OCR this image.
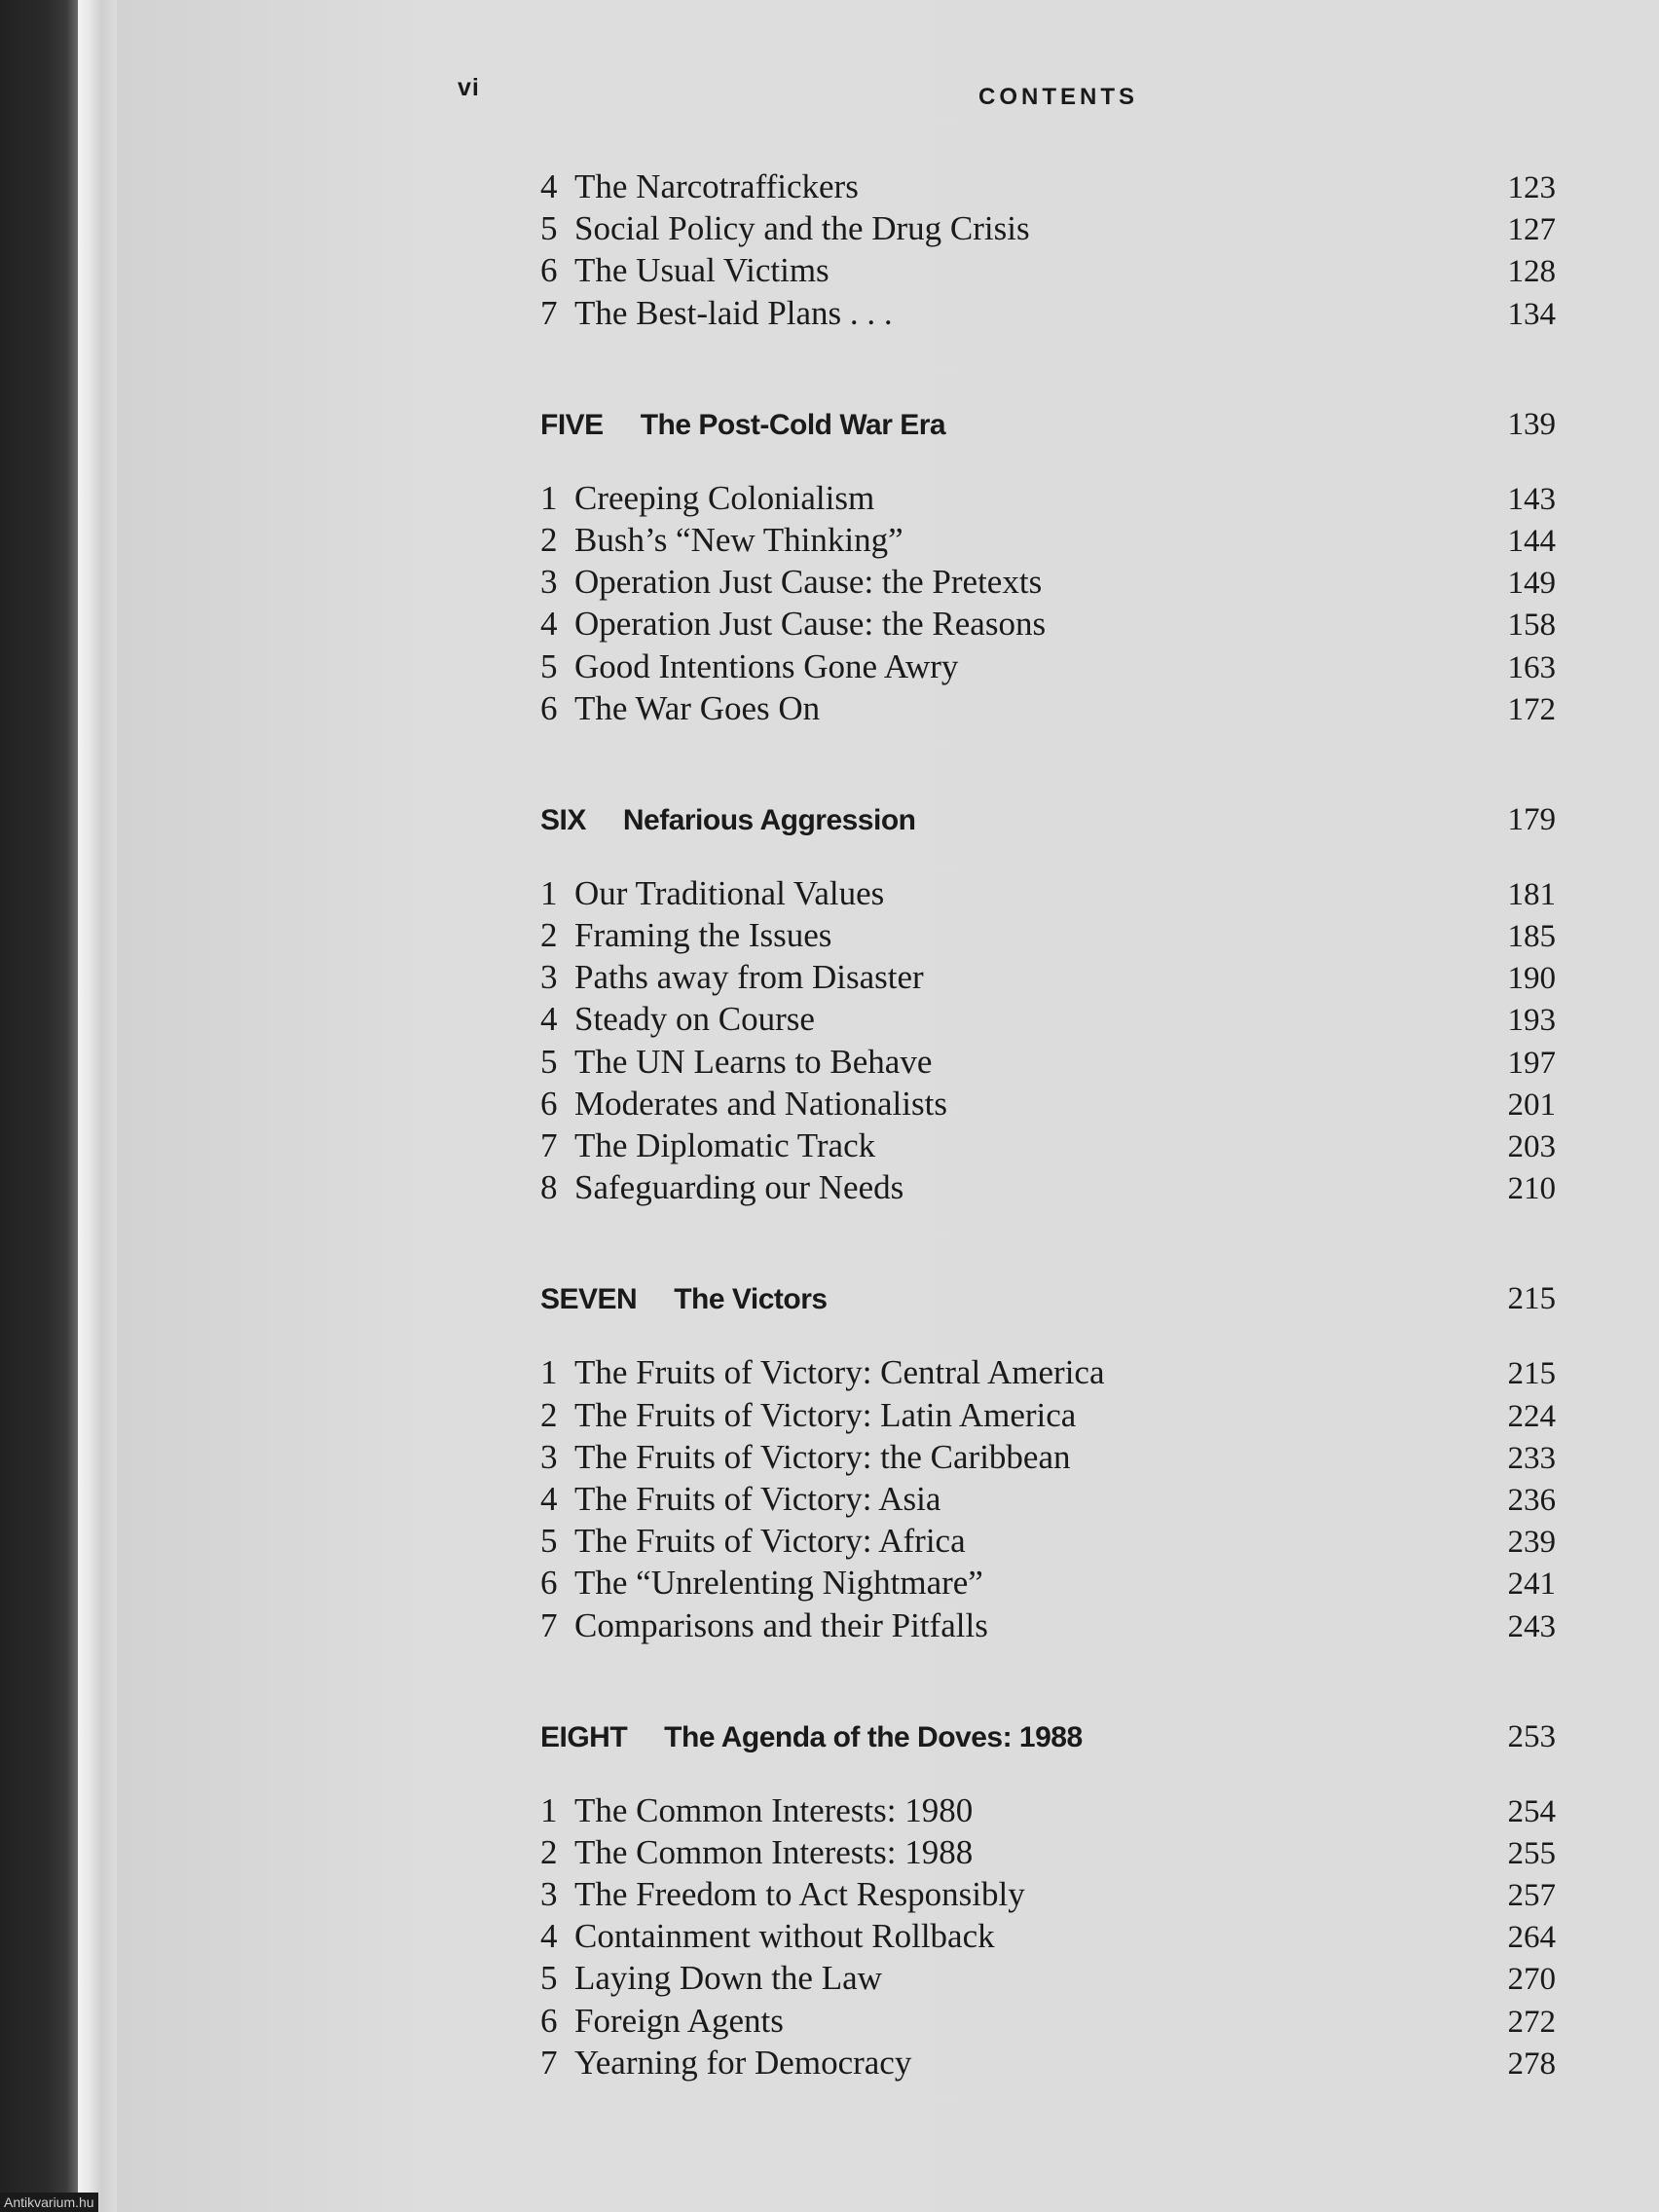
vi	CONTENTS
4 The Narcotraffickers	123
5 Social Policy and the Drug Crisis	127
6 The Usual Victims	128
7 The Best-laid Plans . . .	134
FIVE The Post-Cold War Era	139
1 Creeping Colonialism	143
2 Bush’s “New Thinking”	144
3 Operation Just Cause: the Pretexts	149
4 Operation Just Cause: the Reasons	158
5 Good Intentions Gone Awry	163
6 The War Goes On	172
SIX Nefarious Aggression	179
1 Our Traditional Values	181
2 Framing the Issues	185
3 Paths away from Disaster	190
4 Steady on Course	193
5 The UN Learns to Behave	197
6 Moderates and Nationalists	201
7 The Diplomatic Track	203
8 Safeguarding our Needs	210
SEVEN The Victors	215
1 The Fruits of Victory: Central America	215
2 The Fruits of Victory: Latin America	224
3 The Fruits of Victory: the Caribbean	233
4 The Fruits of Victory: Asia	236
5 The Fruits of Victory: Africa	239
6 The “Unrelenting Nightmare”	241
7 Comparisons and their Pitfalls	243
EIGHT The Agenda of the Doves: 1988	253
1 The Common Interests: 1980	254
2 The Common Interests: 1988	255
3 The Freedom to Act Responsibly	257
4 Containment without Rollback	264
5 Laying Down the Law	270
6 Foreign Agents	272
7 Yearning for Democracy	278
Antikvarium.hu
